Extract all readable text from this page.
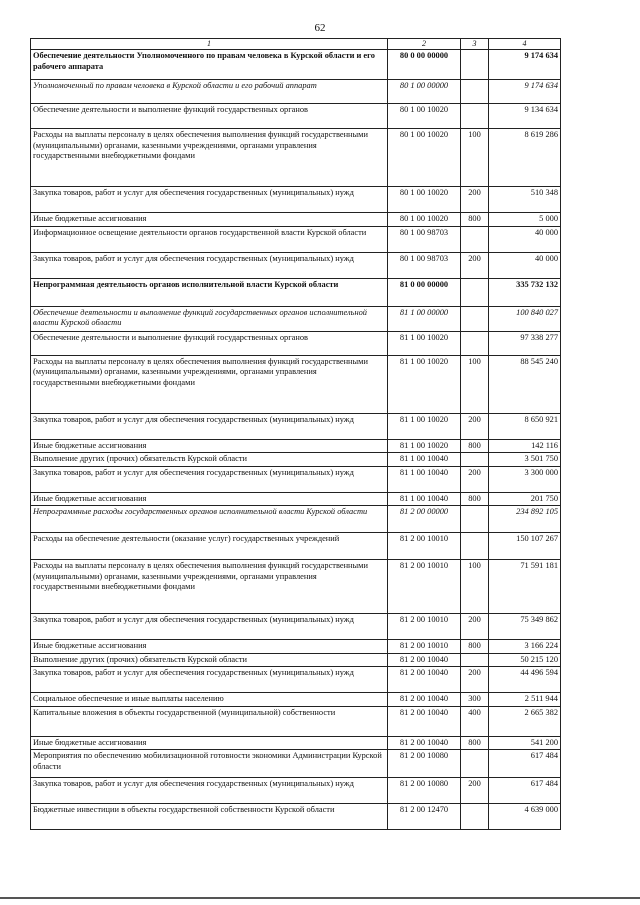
62
1	2	3	4
Обеспечение деятельности Уполномоченного по правам человека в Курской области и его рабочего аппарата	80 0 00 00000		9 174 634
Уполномоченный по правам человека в Курской области и его рабочий аппарат	80 1 00 00000		9 174 634
Обеспечение деятельности и выполнение функций государственных органов	80 1 00 10020		9 134 634
Расходы на выплаты персоналу в целях обеспечения выполнения функций государственными (муниципальными) органами, казенными учреждениями, органами управления государственными внебюджетными фондами	80 1 00 10020	100	8 619 286
Закупка товаров, работ и услуг для обеспечения государственных (муниципальных) нужд	80 1 00 10020	200	510 348
Иные бюджетные ассигнования	80 1 00 10020	800	5 000
Информационное освещение деятельности органов государственной власти Курской области	80 1 00 98703		40 000
Закупка товаров, работ и услуг для обеспечения государственных (муниципальных) нужд	80 1 00 98703	200	40 000
Непрограммная деятельность органов исполнительной власти Курской области	81 0 00 00000		335 732 132
Обеспечение деятельности и выполнение функций государственных органов исполнительной власти Курской области	81 1 00 00000		100 840 027
Обеспечение деятельности и выполнение функций государственных органов	81 1 00 10020		97 338 277
Расходы на выплаты персоналу в целях обеспечения выполнения функций государственными (муниципальными) органами, казенными учреждениями, органами управления государственными внебюджетными фондами	81 1 00 10020	100	88 545 240
Закупка товаров, работ и услуг для обеспечения государственных (муниципальных) нужд	81 1 00 10020	200	8 650 921
Иные бюджетные ассигнования	81 1 00 10020	800	142 116
Выполнение других (прочих) обязательств Курской области	81 1 00 10040		3 501 750
Закупка товаров, работ и услуг для обеспечения государственных (муниципальных) нужд	81 1 00 10040	200	3 300 000
Иные бюджетные ассигнования	81 1 00 10040	800	201 750
Непрограммные расходы государственных органов исполнительной власти Курской области	81 2 00 00000		234 892 105
Расходы на обеспечение деятельности (оказание услуг) государственных учреждений	81 2 00 10010		150 107 267
Расходы на выплаты персоналу в целях обеспечения выполнения функций государственными (муниципальными) органами, казенными учреждениями, органами управления государственными внебюджетными фондами	81 2 00 10010	100	71 591 181
Закупка товаров, работ и услуг для обеспечения государственных (муниципальных) нужд	81 2 00 10010	200	75 349 862
Иные бюджетные ассигнования	81 2 00 10010	800	3 166 224
Выполнение других (прочих) обязательств Курской области	81 2 00 10040		50 215 120
Закупка товаров, работ и услуг для обеспечения государственных (муниципальных) нужд	81 2 00 10040	200	44 496 594
Социальное обеспечение и иные выплаты населению	81 2 00 10040	300	2 511 944
Капитальные вложения в объекты государственной (муниципальной) собственности	81 2 00 10040	400	2 665 382
Иные бюджетные ассигнования	81 2 00 10040	800	541 200
Мероприятия по обеспечению мобилизационной готовности экономики Администрации Курской области	81 2 00 10080		617 484
Закупка товаров, работ и услуг для обеспечения государственных (муниципальных) нужд	81 2 00 10080	200	617 484
Бюджетные инвестиции в объекты государственной собственности Курской области	81 2 00 12470		4 639 000
